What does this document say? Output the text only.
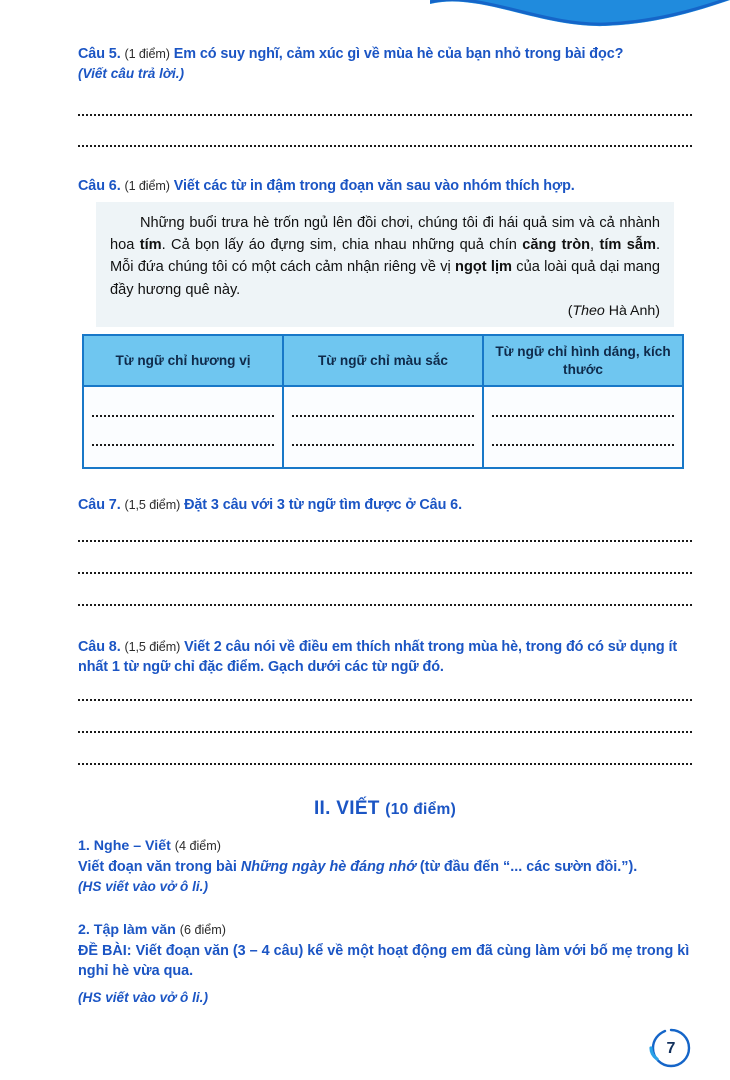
Câu 5. (1 điểm) Em có suy nghĩ, cảm xúc gì về mùa hè của bạn nhỏ trong bài đọc?
(Viết câu trả lời.)
Câu 6. (1 điểm) Viết các từ in đậm trong đoạn văn sau vào nhóm thích hợp.
Những buổi trưa hè trốn ngủ lên đồi chơi, chúng tôi đi hái quả sim và cả nhành hoa tím. Cả bọn lấy áo đựng sim, chia nhau những quả chín căng tròn, tím sẫm. Mỗi đứa chúng tôi có một cách cảm nhận riêng về vị ngọt lịm của loài quả dại mang đầy hương quê này.
(Theo Hà Anh)
Từ ngữ chỉ hương vị	Từ ngữ chỉ màu sắc	Từ ngữ chỉ hình dáng, kích thước

Câu 7. (1,5 điểm) Đặt 3 câu với 3 từ ngữ tìm được ở Câu 6.
Câu 8. (1,5 điểm) Viết 2 câu nói về điều em thích nhất trong mùa hè, trong đó có sử dụng ít nhất 1 từ ngữ chỉ đặc điểm. Gạch dưới các từ ngữ đó.
II. VIẾT (10 điểm)
1. Nghe – Viết (4 điểm)
Viết đoạn văn trong bài Những ngày hè đáng nhớ (từ đầu đến “... các sườn đồi.”).
(HS viết vào vở ô li.)
2. Tập làm văn (6 điểm)
ĐỀ BÀI: Viết đoạn văn (3 – 4 câu) kể về một hoạt động em đã cùng làm với bố mẹ trong kì nghỉ hè vừa qua.
(HS viết vào vở ô li.)
7
